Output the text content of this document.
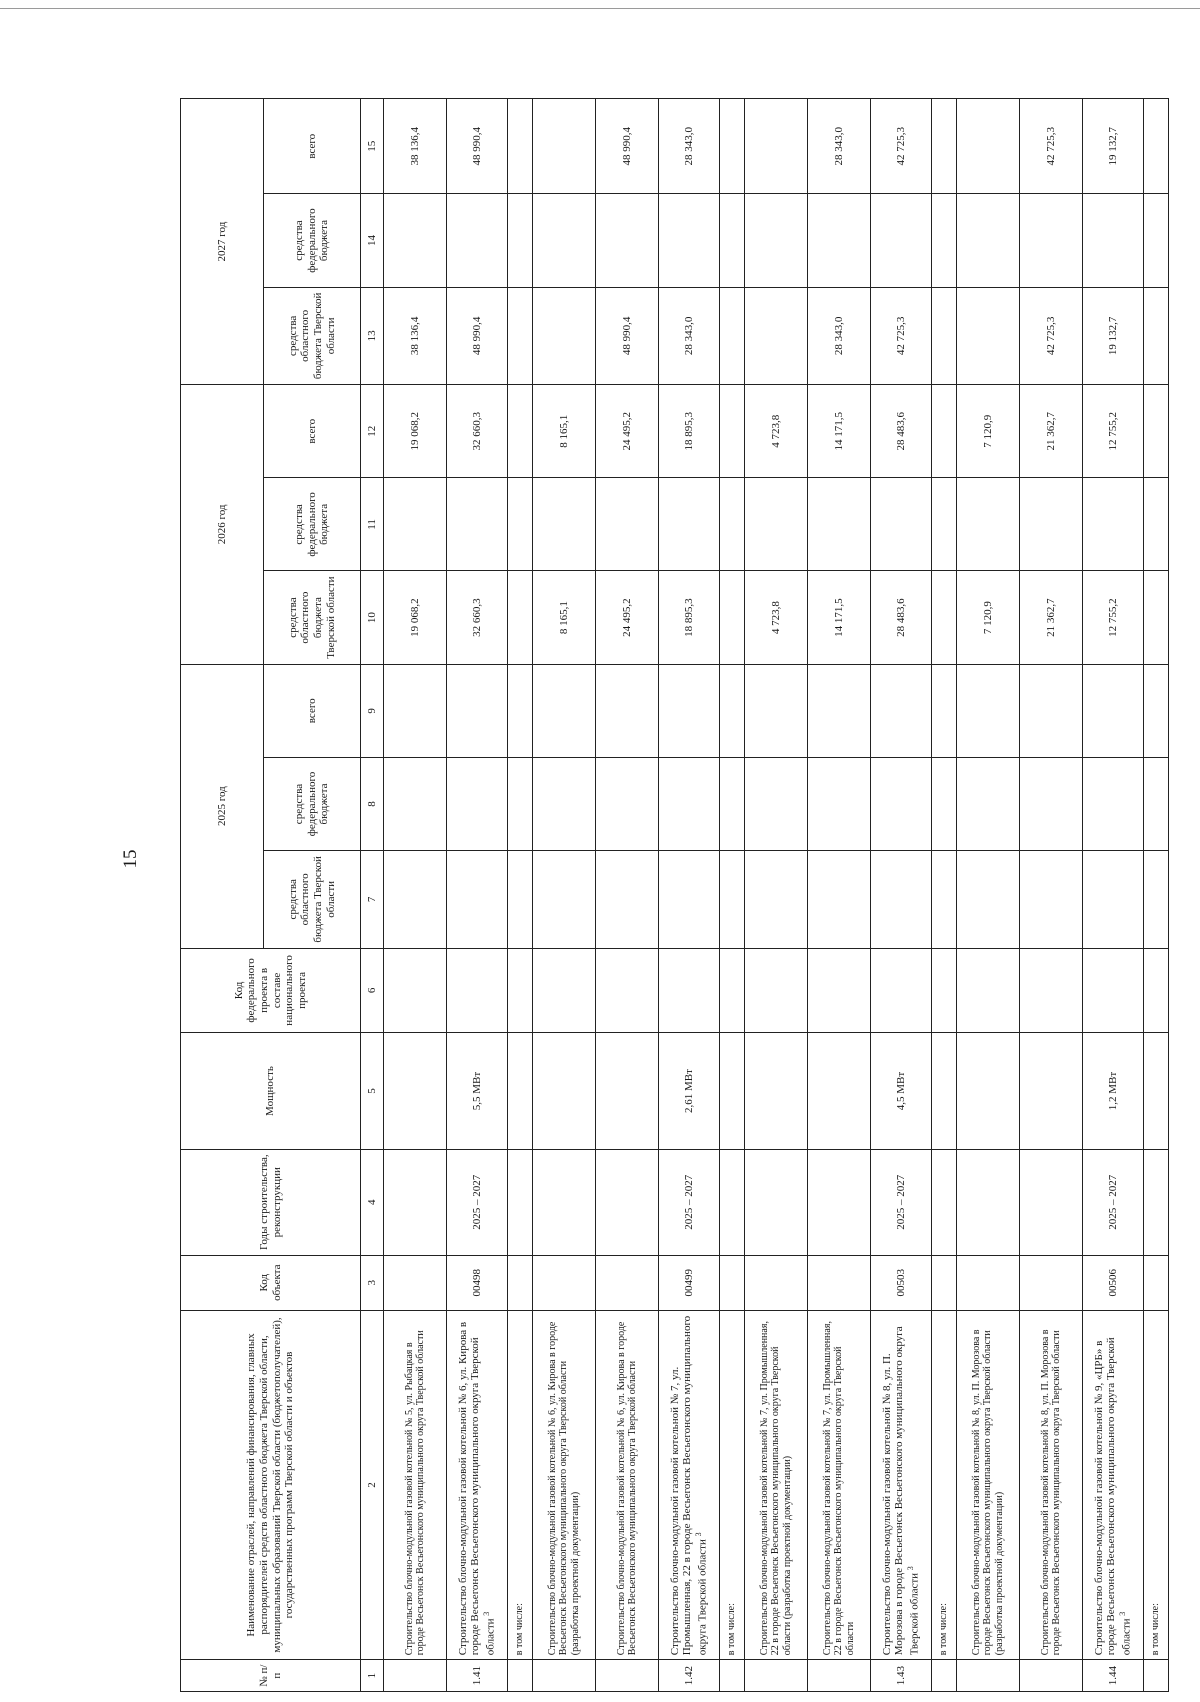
15
№ п/п	Наименование отраслей, направлений финансирования, главных распорядителей средств областного бюджета Тверской области, муниципальных образований Тверской области (бюджетополучателей), государственных программ Тверской области и объектов	Код объекта	Годы строительства, реконструкции	Мощность	Код федерального проекта в составе национального проекта	2025 год			2026 год			2027 год		
						средства областного бюджета Тверской области	средства федерального бюджета	всего	средства областного бюджета Тверской области	средства федерального бюджета	всего	средства областного бюджета Тверской области	средства федерального бюджета	всего
1	2	3	4	5	6	7	8	9	10	11	12	13	14	15
	Строительство блочно-модульной газовой котельной № 5, ул. Рыбацкая в городе Весьегонск Весьегонского муниципального округа Тверской области								19 068,2		19 068,2	38 136,4		38 136,4
1.41	Строительство блочно-модульной газовой котельной № 6, ул. Кирова в городе Весьегонск Весьегонского муниципального округа Тверской области $^3$	00498	2025 – 2027	5,5 МВт					32 660,3		32 660,3	48 990,4		48 990,4
	в том числе:													
	Строительство блочно-модульной газовой котельной № 6, ул. Кирова в городе Весьегонск Весьегонского муниципального округа Тверской области (разработка проектной документации)								8 165,1		8 165,1			
	Строительство блочно-модульной газовой котельной № 6, ул. Кирова в городе Весьегонск Весьегонского муниципального округа Тверской области								24 495,2		24 495,2	48 990,4		48 990,4
1.42	Строительство блочно-модульной газовой котельной № 7, ул. Промышленная, 22 в городе Весьегонск Весьегонского муниципального округа Тверской области $^3$	00499	2025 – 2027	2,61 МВт					18 895,3		18 895,3	28 343,0		28 343,0
	в том числе:													
	Строительство блочно-модульной газовой котельной № 7, ул. Промышленная, 22 в городе Весьегонск Весьегонского муниципального округа Тверской области (разработка проектной документации)								4 723,8		4 723,8			
	Строительство блочно-модульной газовой котельной № 7, ул. Промышленная, 22 в городе Весьегонск Весьегонского муниципального округа Тверской области								14 171,5		14 171,5	28 343,0		28 343,0
1.43	Строительство блочно-модульной газовой котельной № 8, ул. П. Морозова в городе Весьегонск Весьегонского муниципального округа Тверской области $^3$	00503	2025 – 2027	4,5 МВт					28 483,6		28 483,6	42 725,3		42 725,3
	в том числе:													
	Строительство блочно-модульной газовой котельной № 8, ул. П. Морозова в городе Весьегонск Весьегонского муниципального округа Тверской области (разработка проектной документации)								7 120,9		7 120,9			
	Строительство блочно-модульной газовой котельной № 8, ул. П. Морозова в городе Весьегонск Весьегонского муниципального округа Тверской области								21 362,7		21 362,7	42 725,3		42 725,3
1.44	Строительство блочно-модульной газовой котельной № 9, «ЦРБ» в городе Весьегонск Весьегонского муниципального округа Тверской области $^3$	00506	2025 – 2027	1,2 МВт					12 755,2		12 755,2	19 132,7		19 132,7
	в том числе:													
